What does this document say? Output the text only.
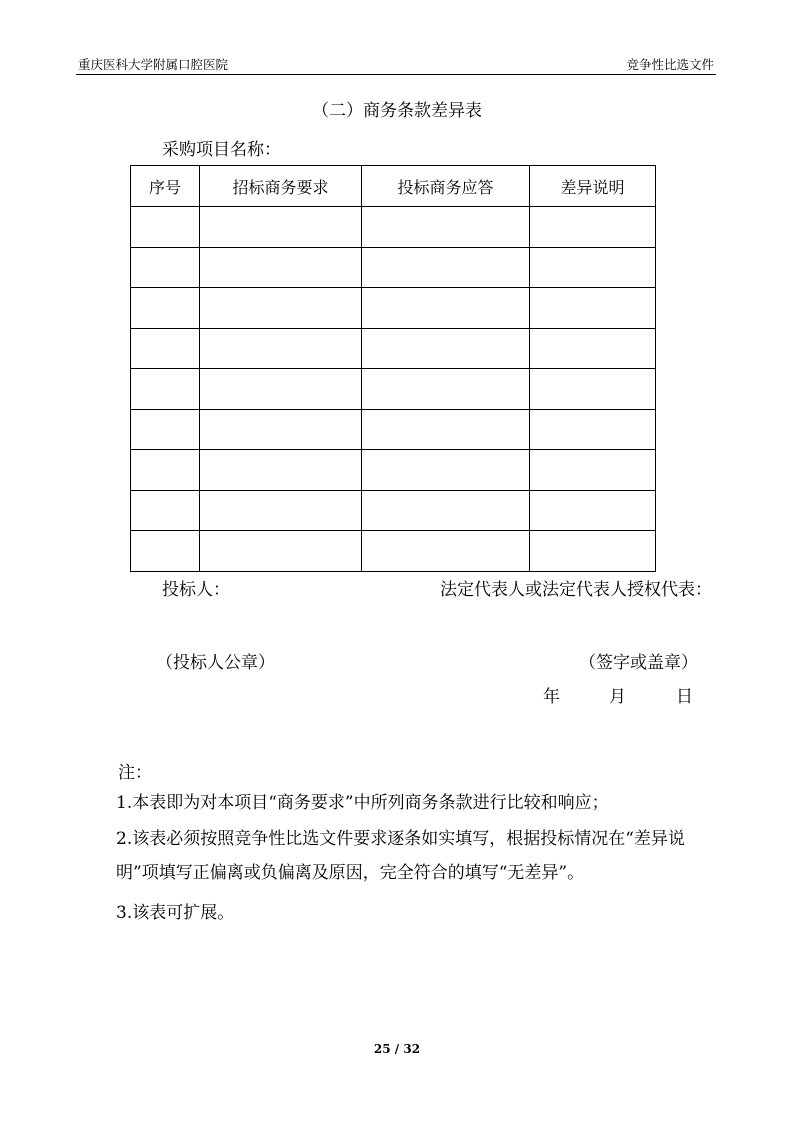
重庆医科大学附属口腔医院	竞争性比选文件
（二）商务条款差异表
采购项目名称：
序号	招标商务要求	投标商务应答	差异说明

投标人：	法定代表人或法定代表人授权代表：
（投标人公章）	（签字或盖章）
年	月	日
注：
1.本表即为对本项目“商务要求”中所列商务条款进行比较和响应；
2.该表必须按照竞争性比选文件要求逐条如实填写，根据投标情况在“差异说明”项填写正偏离或负偏离及原因，完全符合的填写“无差异”。
3.该表可扩展。
25 / 32
